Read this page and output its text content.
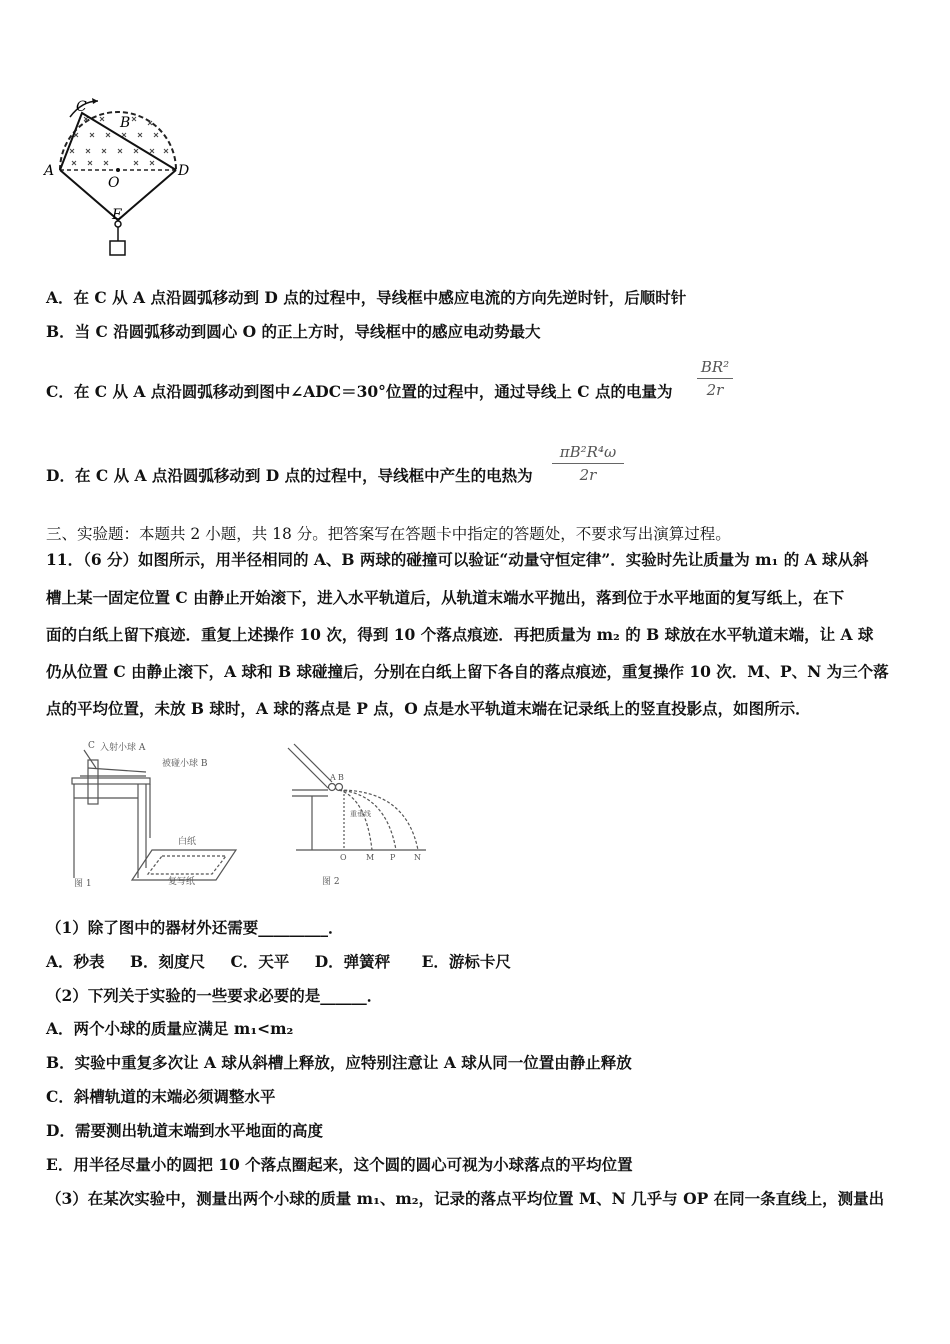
A
C
B
O
D
E
A．在 C 从 A 点沿圆弧移动到 D 点的过程中，导线框中感应电流的方向先逆时针，后顺时针
B．当 C 沿圆弧移动到圆心 O 的正上方时，导线框中的感应电动势最大
C．在 C 从 A 点沿圆弧移动到图中∠ADC＝30°位置的过程中，通过导线上 C 点的电量为
BR²
2r
D．在 C 从 A 点沿圆弧移动到 D 点的过程中，导线框中产生的电热为
πB²R⁴ω
2r
三、实验题：本题共 2 小题，共 18 分。把答案写在答题卡中指定的答题处，不要求写出演算过程。
11．（6 分）如图所示，用半径相同的 A、B 两球的碰撞可以验证“动量守恒定律”．实验时先让质量为 m₁ 的 A 球从斜
槽上某一固定位置 C 由静止开始滚下，进入水平轨道后，从轨道末端水平抛出，落到位于水平地面的复写纸上，在下
面的白纸上留下痕迹．重复上述操作 10 次，得到 10 个落点痕迹．再把质量为 m₂ 的 B 球放在水平轨道末端，让 A 球
仍从位置 C 由静止滚下，A 球和 B 球碰撞后，分别在白纸上留下各自的落点痕迹，重复操作 10 次．M、P、N 为三个落
点的平均位置，未放 B 球时，A 球的落点是 P 点，O 点是水平轨道末端在记录纸上的竖直投影点，如图所示．
C 入射小球 A
被碰小球 B
白纸
复写纸
图 1
A B
重垂线
O M P N
图 2
（1）除了图中的器材外还需要_________．
A．秒表 B．刻度尺 C．天平 D．弹簧秤 E．游标卡尺
（2）下列关于实验的一些要求必要的是______．
A．两个小球的质量应满足 m₁<m₂
B．实验中重复多次让 A 球从斜槽上释放，应特别注意让 A 球从同一位置由静止释放
C．斜槽轨道的末端必须调整水平
D．需要测出轨道末端到水平地面的高度
E．用半径尽量小的圆把 10 个落点圈起来，这个圆的圆心可视为小球落点的平均位置
（3）在某次实验中，测量出两个小球的质量 m₁、m₂，记录的落点平均位置 M、N 几乎与 OP 在同一条直线上，测量出
